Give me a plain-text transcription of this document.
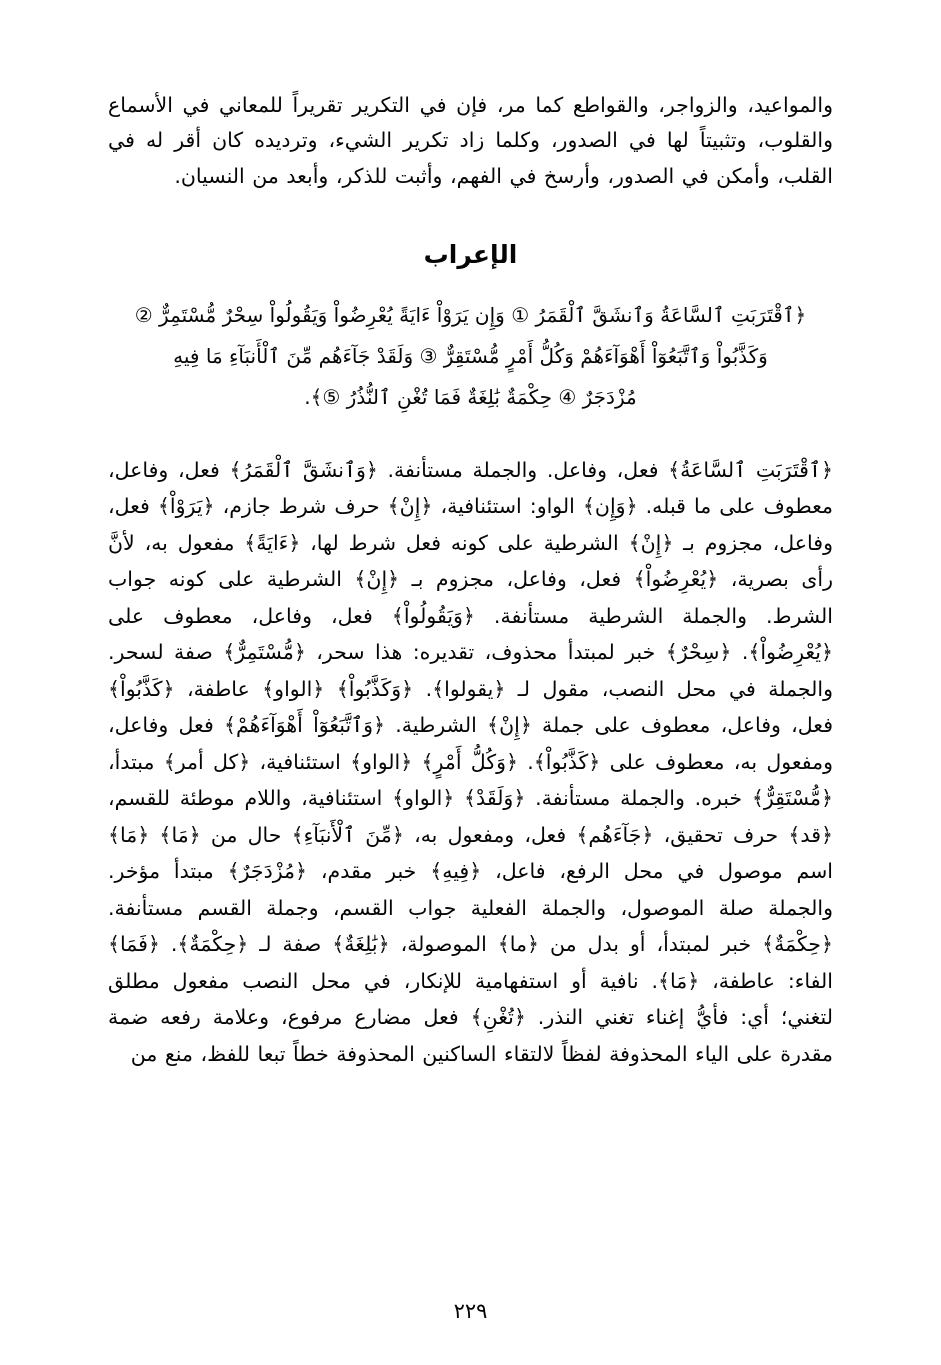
والمواعيد، والزواجر، والقواطع كما مر، فإن في التكرير تقريراً للمعاني في الأسماع والقلوب، وتثبيتاً لها في الصدور، وكلما زاد تكرير الشيء، وترديده كان أقر له في القلب، وأمكن في الصدور، وأرسخ في الفهم، وأثبت للذكر، وأبعد من النسيان.

الإعراب
﴿ٱقْتَرَبَتِ ٱلسَّاعَةُ وَٱنشَقَّ ٱلْقَمَرُ ① وَإِن يَرَوْاْ ءَايَةً يُعْرِضُواْ وَيَقُولُواْ سِحْرٌ مُّسْتَمِرٌّ ②
وَكَذَّبُواْ وَٱتَّبَعُوٓاْ أَهْوَآءَهُمْ وَكُلُّ أَمْرٍ مُّسْتَقِرٌّ ③ وَلَقَدْ جَآءَهُم مِّنَ ٱلْأَنبَآءِ مَا فِيهِ
مُزْدَجَرٌ ④ حِكْمَةٌ بَٰلِغَةٌ فَمَا تُغْنِ ٱلنُّذُرُ ⑤﴾.

﴿ٱقْتَرَبَتِ ٱلسَّاعَةُ﴾ فعل، وفاعل. والجملة مستأنفة. ﴿وَٱنشَقَّ ٱلْقَمَرُ﴾ فعل، وفاعل، معطوف على ما قبله. ﴿وَإِن﴾ الواو: استئنافية، ﴿إِنْ﴾ حرف شرط جازم، ﴿يَرَوْاْ﴾ فعل، وفاعل، مجزوم بـ ﴿إِنْ﴾ الشرطية على كونه فعل شرط لها، ﴿ءَايَةً﴾ مفعول به، لأنَّ رأى بصرية، ﴿يُعْرِضُواْ﴾ فعل، وفاعل، مجزوم بـ ﴿إِنْ﴾ الشرطية على كونه جواب الشرط. والجملة الشرطية مستأنفة. ﴿وَيَقُولُواْ﴾ فعل، وفاعل، معطوف على ﴿يُعْرِضُواْ﴾. ﴿سِحْرٌ﴾ خبر لمبتدأ محذوف، تقديره: هذا سحر، ﴿مُّسْتَمِرٌّ﴾ صفة لسحر. والجملة في محل النصب، مقول لـ ﴿يقولوا﴾. ﴿وَكَذَّبُواْ﴾ ﴿الواو﴾ عاطفة، ﴿كَذَّبُواْ﴾ فعل، وفاعل، معطوف على جملة ﴿إِنْ﴾ الشرطية. ﴿وَٱتَّبَعُوٓاْ أَهْوَآءَهُمْ﴾ فعل وفاعل، ومفعول به، معطوف على ﴿كَذَّبُواْ﴾. ﴿وَكُلُّ أَمْرٍ﴾ ﴿الواو﴾ استئنافية، ﴿كل أمر﴾ مبتدأ، ﴿مُّسْتَقِرٌّ﴾ خبره. والجملة مستأنفة. ﴿وَلَقَدْ﴾ ﴿الواو﴾ استئنافية، واللام موطئة للقسم، ﴿قد﴾ حرف تحقيق، ﴿جَآءَهُم﴾ فعل، ومفعول به، ﴿مِّنَ ٱلْأَنبَآءِ﴾ حال من ﴿مَا﴾ ﴿مَا﴾ اسم موصول في محل الرفع، فاعل، ﴿فِيهِ﴾ خبر مقدم، ﴿مُزْدَجَرٌ﴾ مبتدأ مؤخر. والجملة صلة الموصول، والجملة الفعلية جواب القسم، وجملة القسم مستأنفة. ﴿حِكْمَةٌ﴾ خبر لمبتدأ، أو بدل من ﴿ما﴾ الموصولة، ﴿بَٰلِغَةٌ﴾ صفة لـ ﴿حِكْمَةٌ﴾. ﴿فَمَا﴾ الفاء: عاطفة، ﴿مَا﴾. نافية أو استفهامية للإنكار، في محل النصب مفعول مطلق لتغني؛ أي: فأيُّ إغناء تغني النذر. ﴿تُغْنِ﴾ فعل مضارع مرفوع، وعلامة رفعه ضمة مقدرة على الياء المحذوفة لفظاً لالتقاء الساكنين المحذوفة خطاً تبعا للفظ، منع من

٢٢٩
